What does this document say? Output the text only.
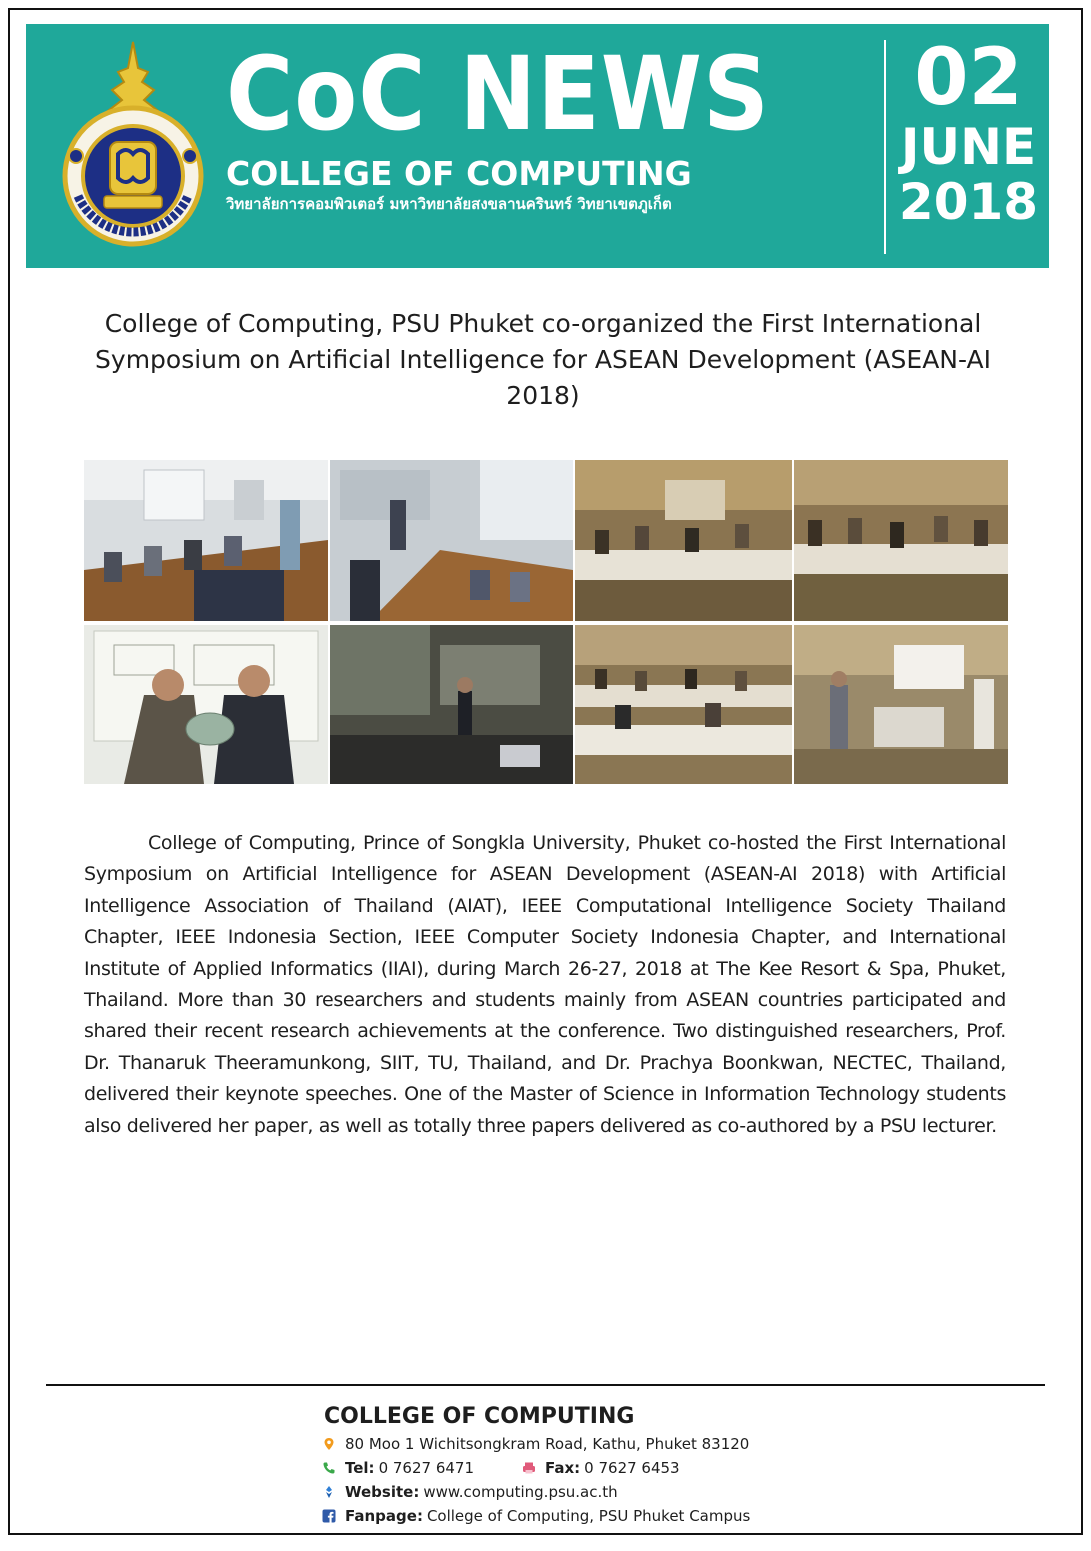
CoC NEWS
COLLEGE OF COMPUTING
วิทยาลัยการคอมพิวเตอร์ มหาวิทยาลัยสงขลานครินทร์ วิทยาเขตภูเก็ต
02
JUNE
2018
College of Computing, PSU Phuket co-organized the First International Symposium on Artificial Intelligence for ASEAN Development (ASEAN-AI 2018)
College of Computing, Prince of Songkla University, Phuket co-hosted the First International Symposium on Artificial Intelligence for ASEAN Development (ASEAN-AI 2018) with Artificial Intelligence Association of Thailand (AIAT), IEEE Computational Intelligence Society Thailand Chapter, IEEE Indonesia Section, IEEE Computer Society Indonesia Chapter, and International Institute of Applied Informatics (IIAI), during March 26-27, 2018 at The Kee Resort & Spa, Phuket, Thailand. More than 30 researchers and students mainly from ASEAN countries participated and shared their recent research achievements at the conference. Two distinguished researchers, Prof. Dr. Thanaruk Theeramunkong, SIIT, TU, Thailand, and Dr. Prachya Boonkwan, NECTEC, Thailand, delivered their keynote speeches. One of the Master of Science in Information Technology students also delivered her paper, as well as totally three papers delivered as co-authored by a PSU lecturer.
COLLEGE OF COMPUTING
80 Moo 1 Wichitsongkram Road, Kathu, Phuket 83120
Tel: 0 7627 6471	Fax: 0 7627 6453
Website: www.computing.psu.ac.th
Fanpage: College of Computing, PSU Phuket Campus
